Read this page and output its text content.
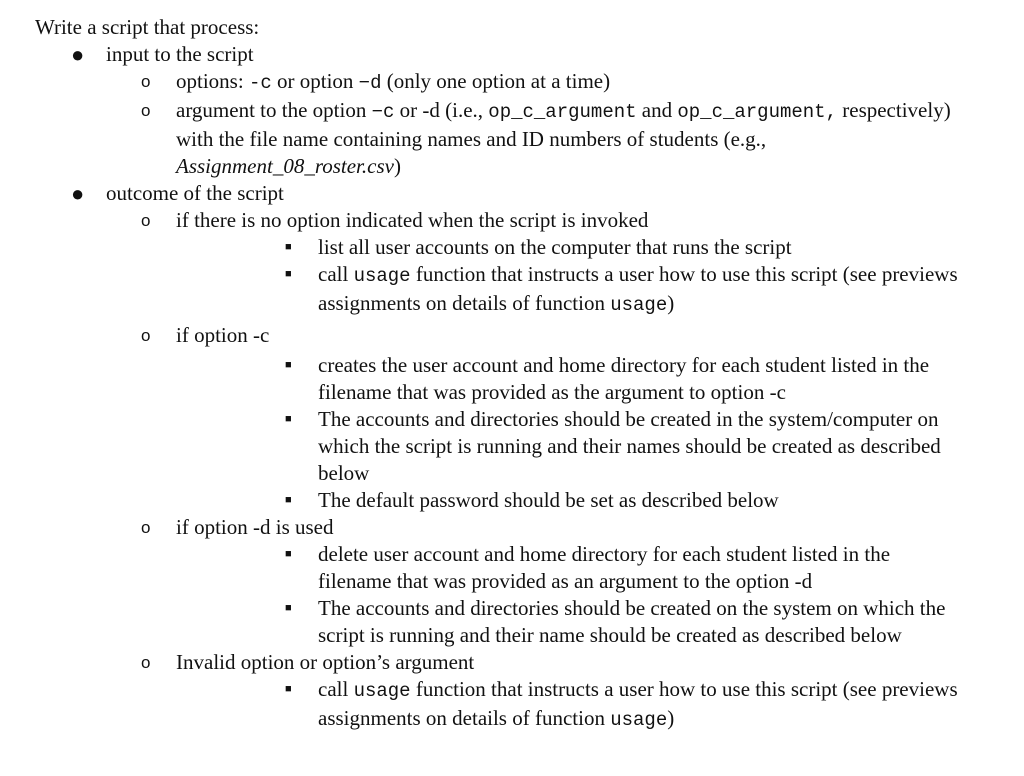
Write a script that process:
● input to the script
o options: -c or option −d (only one option at a time)
o argument to the option −c or -d (i.e., op_c_argument and op_c_argument, respectively) with the file name containing names and ID numbers of students (e.g., Assignment_08_roster.csv)
● outcome of the script
o if there is no option indicated when the script is invoked
■ list all user accounts on the computer that runs the script
■ call usage function that instructs a user how to use this script (see previews assignments on details of function usage)
o if option -c
■ creates the user account and home directory for each student listed in the filename that was provided as the argument to option -c
■ The accounts and directories should be created in the system/computer on which the script is running and their names should be created as described below
■ The default password should be set as described below
o if option -d is used
■ delete user account and home directory for each student listed in the filename that was provided as an argument to the option -d
■ The accounts and directories should be created on the system on which the script is running and their name should be created as described below
o Invalid option or option’s argument
■ call usage function that instructs a user how to use this script (see previews assignments on details of function usage)
